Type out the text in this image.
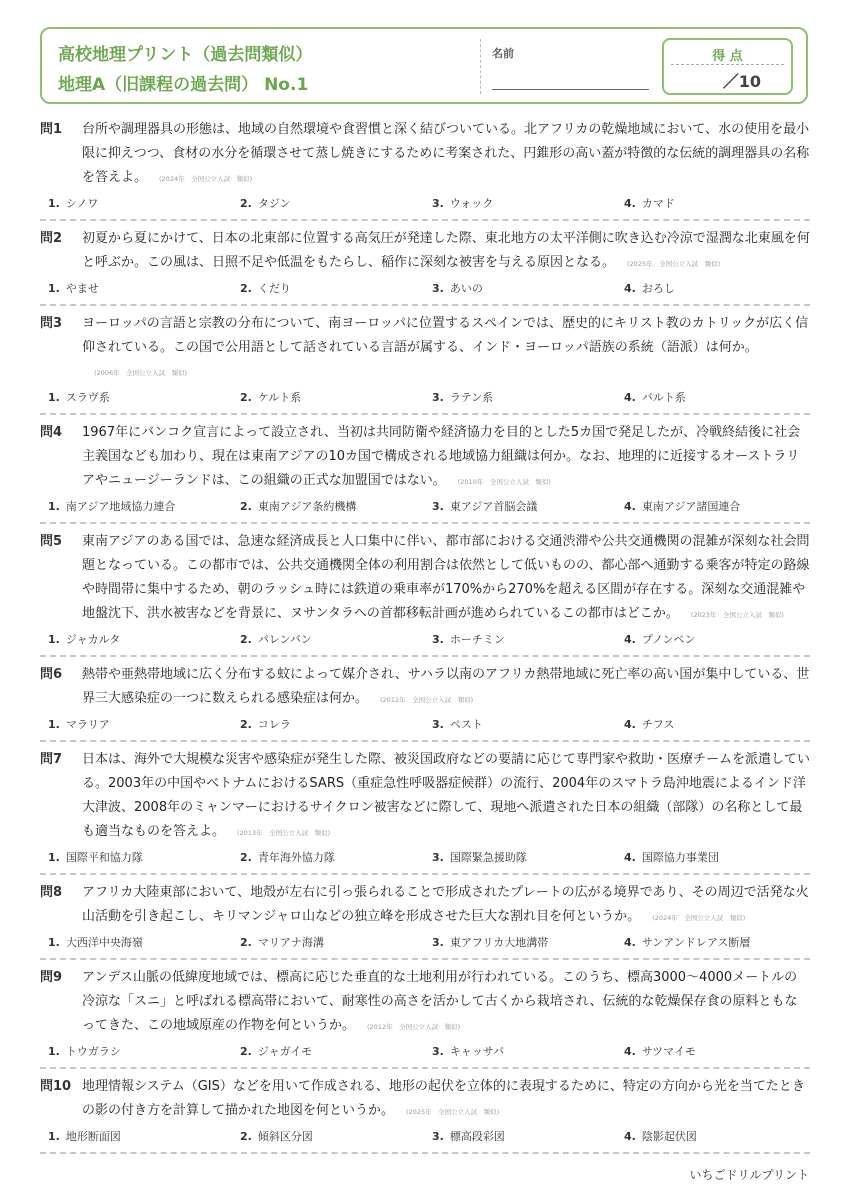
高校地理プリント（過去問類似）
地理A（旧課程の過去問） No.1
名前	得 点
／10
問1	台所や調理器具の形態は、地域の自然環境や食習慣と深く結びついている。北アフリカの乾燥地域において、水の使用を最小限に抑えつつ、食材の水分を循環させて蒸し焼きにするために考案された、円錐形の高い蓋が特徴的な伝統的調理器具の名称を答えよ。 (2024年　全国公立入試　類似)
1. シノワ	2. タジン	3. ウォック	4. カマド
問2	初夏から夏にかけて、日本の北東部に位置する高気圧が発達した際、東北地方の太平洋側に吹き込む冷涼で湿潤な北東風を何と呼ぶか。この風は、日照不足や低温をもたらし、稲作に深刻な被害を与える原因となる。 (2025年　全国公立入試　類似)
1. やませ	2. くだり	3. あいの	4. おろし
問3	ヨーロッパの言語と宗教の分布について、南ヨーロッパに位置するスペインでは、歴史的にキリスト教のカトリックが広く信仰されている。この国で公用語として話されている言語が属する、インド・ヨーロッパ語族の系統（語派）は何か。(2006年　全国公立入試　類似)
1. スラヴ系	2. ケルト系	3. ラテン系	4. バルト系
問4	1967年にバンコク宣言によって設立され、当初は共同防衛や経済協力を目的とした5カ国で発足したが、冷戦終結後に社会主義国なども加わり、現在は東南アジアの10カ国で構成される地域協力組織は何か。なお、地理的に近接するオーストラリアやニュージーランドは、この組織の正式な加盟国ではない。 (2010年　全国公立入試　類似)
1. 南アジア地域協力連合	2. 東南アジア条約機構	3. 東アジア首脳会議	4. 東南アジア諸国連合
問5	東南アジアのある国では、急速な経済成長と人口集中に伴い、都市部における交通渋滞や公共交通機関の混雑が深刻な社会問題となっている。この都市では、公共交通機関全体の利用割合は依然として低いものの、都心部へ通勤する乗客が特定の路線や時間帯に集中するため、朝のラッシュ時には鉄道の乗車率が170%から270%を超える区間が存在する。深刻な交通混雑や地盤沈下、洪水被害などを背景に、ヌサンタラへの首都移転計画が進められているこの都市はどこか。 (2023年　全国公立入試　類似)
1. ジャカルタ	2. パレンバン	3. ホーチミン	4. プノンペン
問6	熱帯や亜熱帯地域に広く分布する蚊によって媒介され、サハラ以南のアフリカ熱帯地域に死亡率の高い国が集中している、世界三大感染症の一つに数えられる感染症は何か。 (2012年　全国公立入試　類似)
1. マラリア	2. コレラ	3. ペスト	4. チフス
問7	日本は、海外で大規模な災害や感染症が発生した際、被災国政府などの要請に応じて専門家や救助・医療チームを派遣している。2003年の中国やベトナムにおけるSARS（重症急性呼吸器症候群）の流行、2004年のスマトラ島沖地震によるインド洋大津波、2008年のミャンマーにおけるサイクロン被害などに際して、現地へ派遣された日本の組織（部隊）の名称として最も適当なものを答えよ。 (2013年　全国公立入試　類似)
1. 国際平和協力隊	2. 青年海外協力隊	3. 国際緊急援助隊	4. 国際協力事業団
問8	アフリカ大陸東部において、地殻が左右に引っ張られることで形成されたプレートの広がる境界であり、その周辺で活発な火山活動を引き起こし、キリマンジャロ山などの独立峰を形成させた巨大な割れ目を何というか。 (2024年　全国公立入試　類似)
1. 大西洋中央海嶺	2. マリアナ海溝	3. 東アフリカ大地溝帯	4. サンアンドレアス断層
問9	アンデス山脈の低緯度地域では、標高に応じた垂直的な土地利用が行われている。このうち、標高3000～4000メートルの冷涼な「スニ」と呼ばれる標高帯において、耐寒性の高さを活かして古くから栽培され、伝統的な乾燥保存食の原料ともなってきた、この地域原産の作物を何というか。 (2012年　全国公立入試　類似)
1. トウガラシ	2. ジャガイモ	3. キャッサバ	4. サツマイモ
問10 地理情報システム（GIS）などを用いて作成される、地形の起伏を立体的に表現するために、特定の方向から光を当てたときの影の付き方を計算して描かれた地図を何というか。 (2025年　全国公立入試　類似)
1. 地形断面図	2. 傾斜区分図	3. 標高段彩図	4. 陰影起伏図
いちごドリルプリント
